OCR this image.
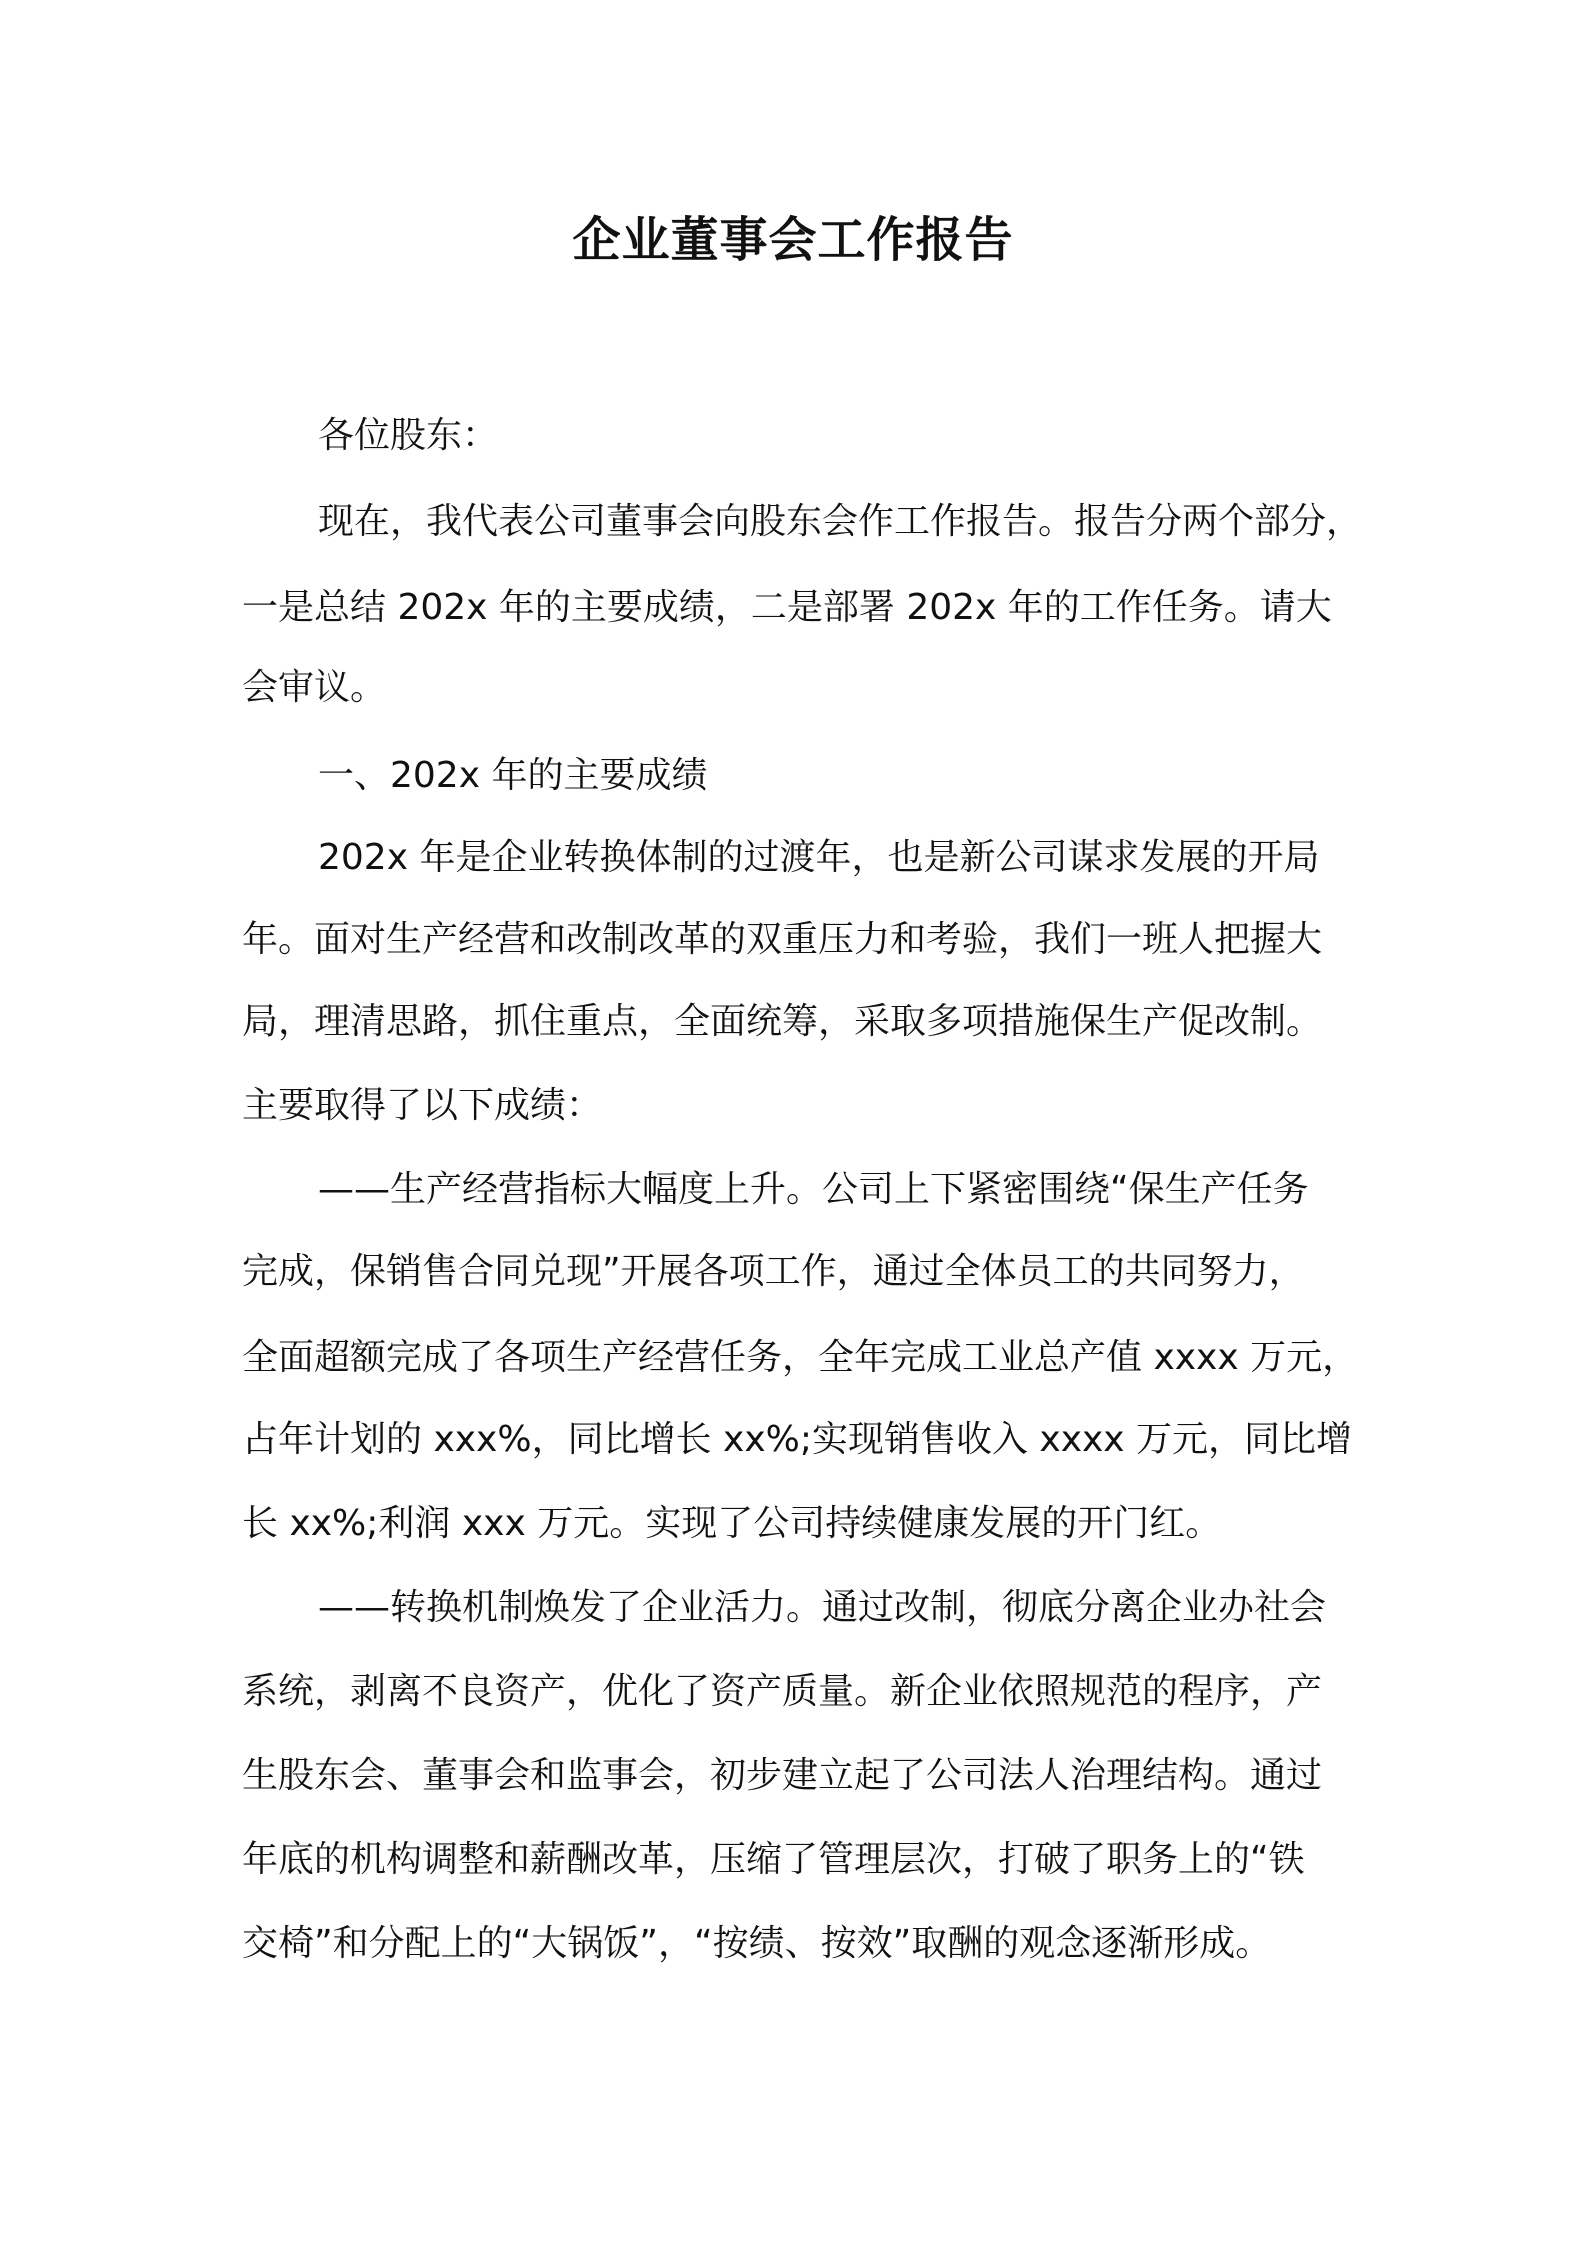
企业董事会工作报告
各位股东：
现在，我代表公司董事会向股东会作工作报告。报告分两个部分，
一是总结 202x 年的主要成绩，二是部署 202x 年的工作任务。请大
会审议。
一、202x 年的主要成绩
202x 年是企业转换体制的过渡年，也是新公司谋求发展的开局
年。面对生产经营和改制改革的双重压力和考验，我们一班人把握大
局，理清思路，抓住重点，全面统筹，采取多项措施保生产促改制。
主要取得了以下成绩：
——生产经营指标大幅度上升。公司上下紧密围绕“保生产任务
完成，保销售合同兑现”开展各项工作，通过全体员工的共同努力，
全面超额完成了各项生产经营任务，全年完成工业总产值 xxxx 万元，
占年计划的 xxx%，同比增长 xx%;实现销售收入 xxxx 万元，同比增
长 xx%;利润 xxx 万元。实现了公司持续健康发展的开门红。
——转换机制焕发了企业活力。通过改制，彻底分离企业办社会
系统，剥离不良资产，优化了资产质量。新企业依照规范的程序，产
生股东会、董事会和监事会，初步建立起了公司法人治理结构。通过
年底的机构调整和薪酬改革，压缩了管理层次，打破了职务上的“铁
交椅”和分配上的“大锅饭”，“按绩、按效”取酬的观念逐渐形成。
